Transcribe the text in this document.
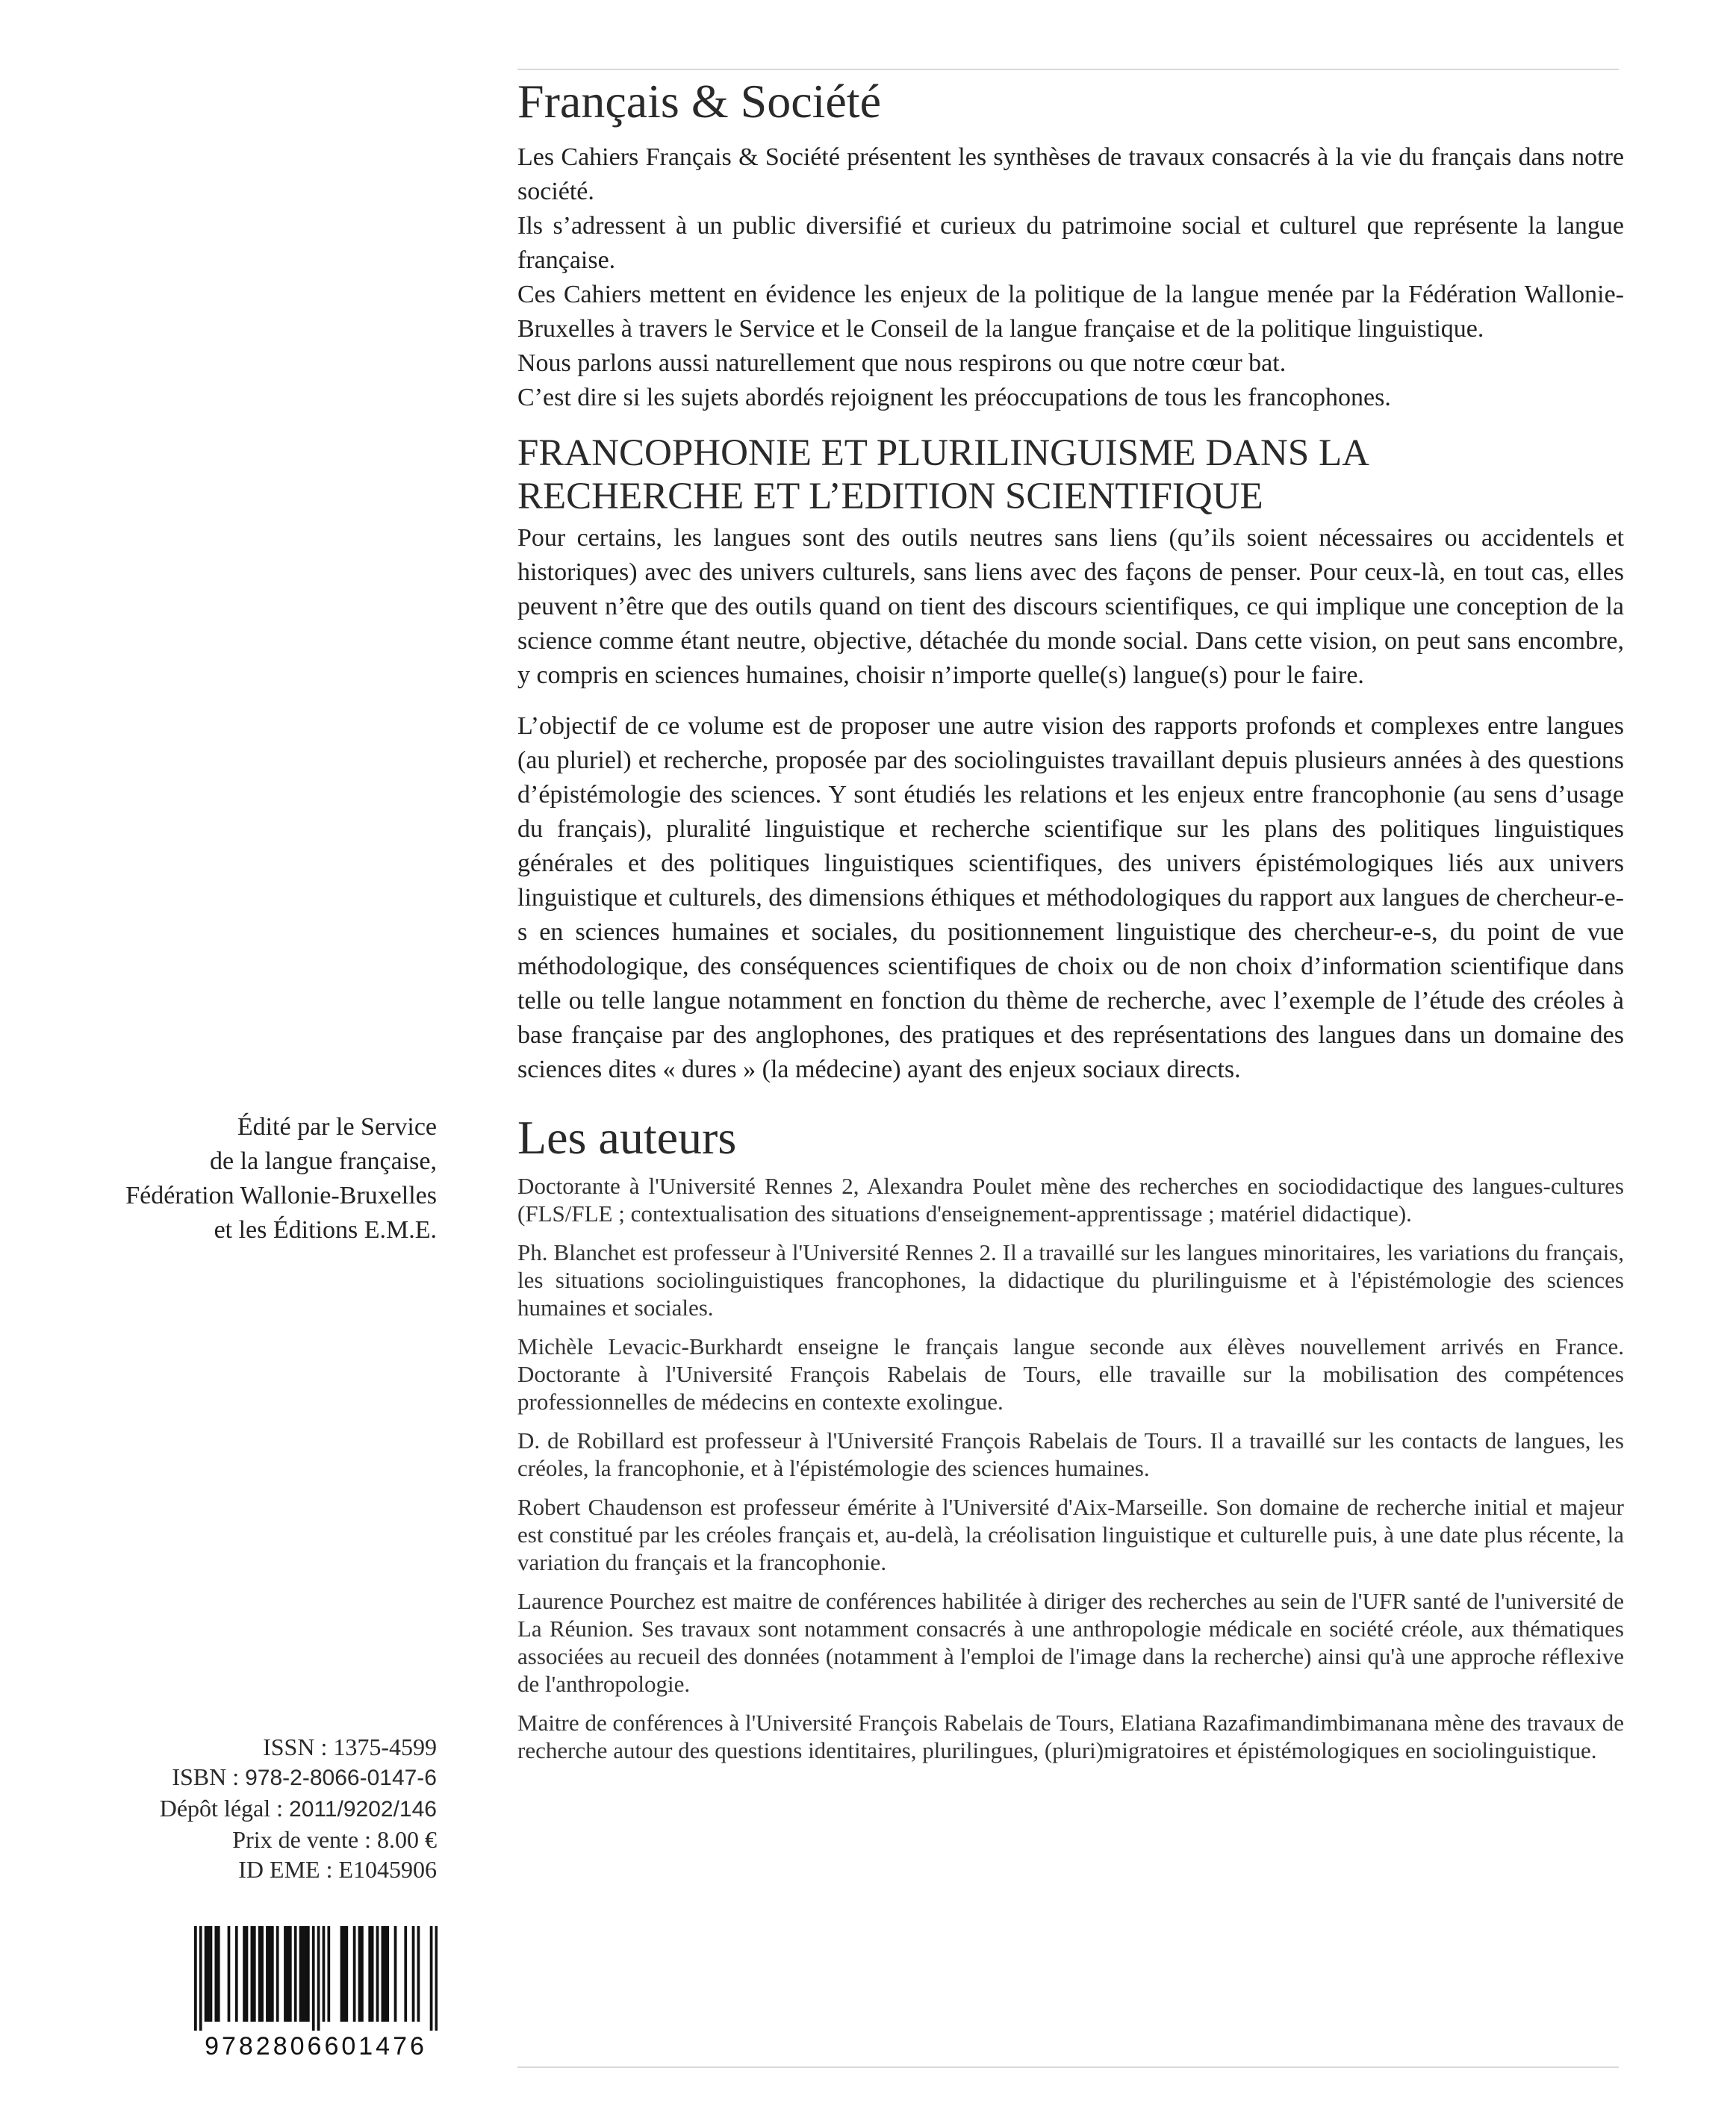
Français & Société

Les Cahiers Français & Société présentent les synthèses de travaux consacrés à la vie du français dans notre société.

Ils s’adressent à un public diversifié et curieux du patrimoine social et culturel que représente la langue française.

Ces Cahiers mettent en évidence les enjeux de la politique de la langue menée par la Fédération Wallonie-Bruxelles à travers le Service et le Conseil de la langue française et de la politique linguistique.

Nous parlons aussi naturellement que nous respirons ou que notre cœur bat.

C’est dire si les sujets abordés rejoignent les préoccupations de tous les francophones.

FRANCOPHONIE ET PLURILINGUISME DANS LA
RECHERCHE ET L’EDITION SCIENTIFIQUE

Pour certains, les langues sont des outils neutres sans liens (qu’ils soient nécessaires ou accidentels et historiques) avec des univers culturels, sans liens avec des façons de penser. Pour ceux-là, en tout cas, elles peuvent n’être que des outils quand on tient des discours scientifiques, ce qui implique une conception de la science comme étant neutre, objective, détachée du monde social. Dans cette vision, on peut sans encombre, y compris en sciences humaines, choisir n’importe quelle(s) langue(s) pour le faire.

L’objectif de ce volume est de proposer une autre vision des rapports profonds et complexes entre langues (au pluriel) et recherche, proposée par des sociolinguistes travaillant depuis plusieurs années à des questions d’épistémologie des sciences. Y sont étudiés les relations et les enjeux entre francophonie (au sens d’usage du français), pluralité linguistique et recherche scientifique sur les plans des politiques linguistiques générales et des politiques linguistiques scientifiques, des univers épistémologiques liés aux univers linguistique et culturels, des dimensions éthiques et méthodologiques du rapport aux langues de chercheur-e-s en sciences humaines et sociales, du positionnement linguistique des chercheur-e-s, du point de vue méthodologique, des conséquences scientifiques de choix ou de non choix d’information scientifique dans telle ou telle langue notamment en fonction du thème de recherche, avec l’exemple de l’étude des créoles à base française par des anglophones, des pratiques et des représentations des langues dans un domaine des sciences dites « dures » (la médecine) ayant des enjeux sociaux directs.

Les auteurs

Doctorante à l'Université Rennes 2, Alexandra Poulet mène des recherches en sociodidactique des langues-cultures (FLS/FLE ; contextualisation des situations d'enseignement-apprentissage ; matériel didactique).

Ph. Blanchet est professeur à l'Université Rennes 2. Il a travaillé sur les langues minoritaires, les variations du français, les situations sociolinguistiques francophones, la didactique du plurilinguisme et à l'épistémologie des sciences humaines et sociales.

Michèle Levacic-Burkhardt enseigne le français langue seconde aux élèves nouvellement arrivés en France. Doctorante à l'Université François Rabelais de Tours, elle travaille sur la mobilisation des compétences professionnelles de médecins en contexte exolingue.

D. de Robillard est professeur à l'Université François Rabelais de Tours. Il a travaillé sur les contacts de langues, les créoles, la francophonie, et à l'épistémologie des sciences humaines.

Robert Chaudenson est professeur émérite à l'Université d'Aix-Marseille. Son domaine de recherche initial et majeur est constitué par les créoles français et, au-delà, la créolisation linguistique et culturelle puis, à une date plus récente, la variation du français et la francophonie.

Laurence Pourchez est maitre de conférences habilitée à diriger des recherches au sein de l'UFR santé de l'université de La Réunion. Ses travaux sont notamment consacrés à une anthropologie médicale en société créole, aux thématiques associées au recueil des données (notamment à l'emploi de l'image dans la recherche) ainsi qu'à une approche réflexive de l'anthropologie.

Maitre de conférences à l'Université François Rabelais de Tours, Elatiana Razafimandimbimanana mène des travaux de recherche autour des questions identitaires, plurilingues, (pluri)migratoires et épistémologiques en sociolinguistique.

Édité par le Service

de la langue française,

Fédération Wallonie-Bruxelles

et les Éditions E.M.E.

ISSN : 1375-4599
ISBN : 978-2-8066-0147-6
Dépôt légal : 2011/9202/146
Prix de vente : 8.00 €
ID EME : E1045906
9782806601476
